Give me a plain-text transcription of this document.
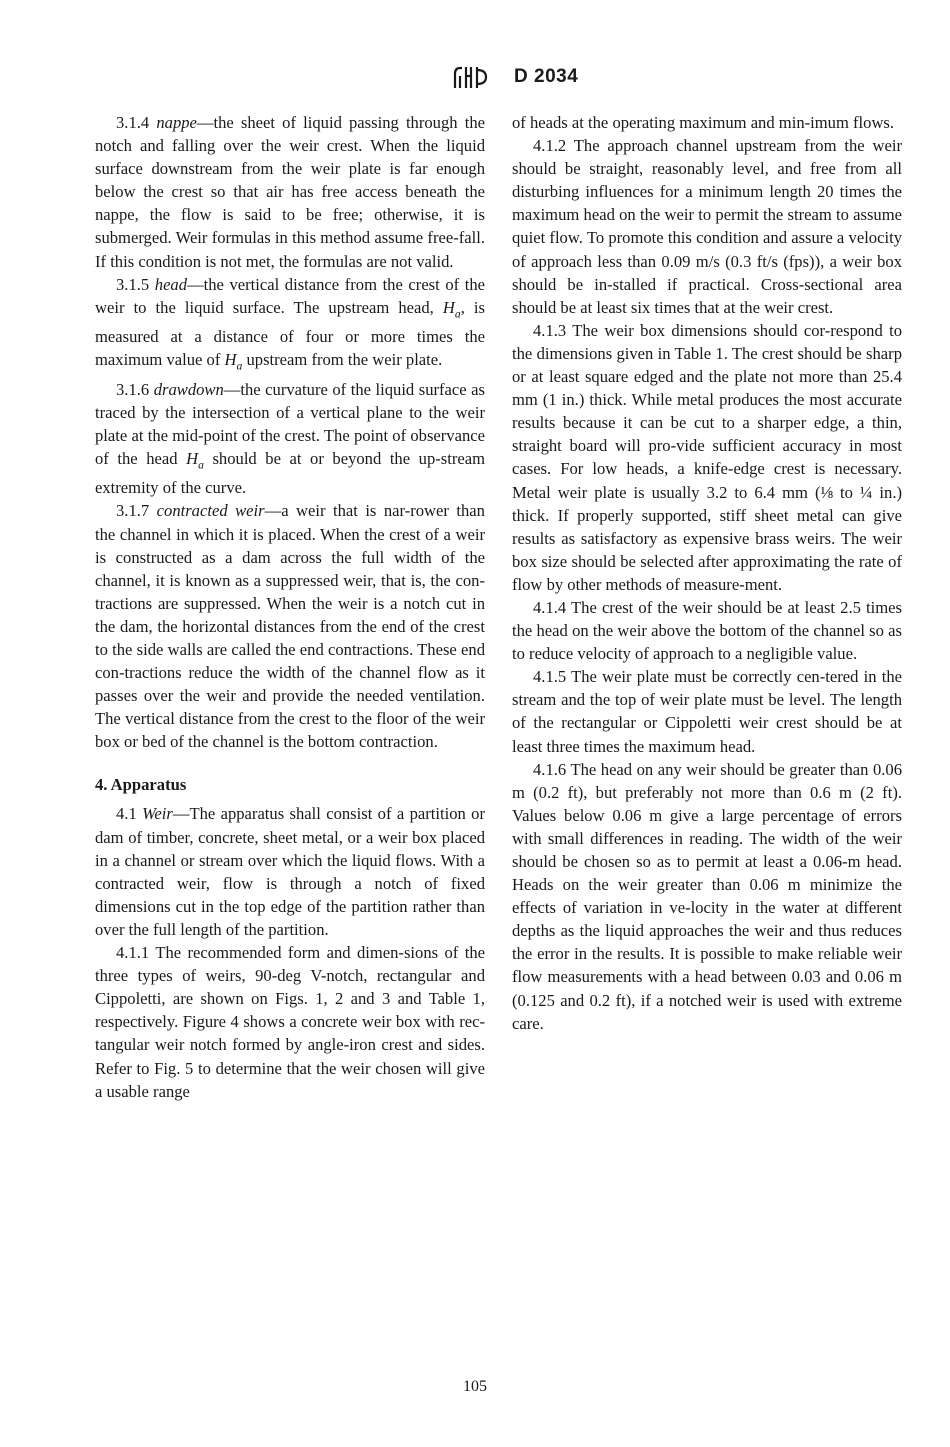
D 2034

3.1.4 nappe—the sheet of liquid passing through the notch and falling over the weir crest. When the liquid surface downstream from the weir plate is far enough below the crest so that air has free access beneath the nappe, the flow is said to be free; otherwise, it is submerged. Weir formulas in this method assume free-fall. If this condition is not met, the formulas are not valid.

3.1.5 head—the vertical distance from the crest of the weir to the liquid surface. The upstream head, $H_a$, is measured at a distance of four or more times the maximum value of $H_a$ upstream from the weir plate.

3.1.6 drawdown—the curvature of the liquid surface as traced by the intersection of a vertical plane to the weir plate at the mid-point of the crest. The point of observance of the head $H_a$ should be at or beyond the up-stream extremity of the curve.

3.1.7 contracted weir—a weir that is nar-rower than the channel in which it is placed. When the crest of a weir is constructed as a dam across the full width of the channel, it is known as a suppressed weir, that is, the con-tractions are suppressed. When the weir is a notch cut in the dam, the horizontal distances from the end of the crest to the side walls are called the end contractions. These end con-tractions reduce the width of the channel flow as it passes over the weir and provide the needed ventilation. The vertical distance from the crest to the floor of the weir box or bed of the channel is the bottom contraction.

4. Apparatus

4.1 Weir—The apparatus shall consist of a partition or dam of timber, concrete, sheet metal, or a weir box placed in a channel or stream over which the liquid flows. With a contracted weir, flow is through a notch of fixed dimensions cut in the top edge of the partition rather than over the full length of the partition.

4.1.1 The recommended form and dimen-sions of the three types of weirs, 90-deg V-notch, rectangular and Cippoletti, are shown on Figs. 1, 2 and 3 and Table 1, respectively. Figure 4 shows a concrete weir box with rec-tangular weir notch formed by angle-iron crest and sides. Refer to Fig. 5 to determine that the weir chosen will give a usable range

of heads at the operating maximum and min-imum flows.

4.1.2 The approach channel upstream from the weir should be straight, reasonably level, and free from all disturbing influences for a minimum length 20 times the maximum head on the weir to permit the stream to assume quiet flow. To promote this condition and assure a velocity of approach less than 0.09 m/s (0.3 ft/s (fps)), a weir box should be in-stalled if practical. Cross-sectional area should be at least six times that at the weir crest.

4.1.3 The weir box dimensions should cor-respond to the dimensions given in Table 1. The crest should be sharp or at least square edged and the plate not more than 25.4 mm (1 in.) thick. While metal produces the most accurate results because it can be cut to a sharper edge, a thin, straight board will pro-vide sufficient accuracy in most cases. For low heads, a knife-edge crest is necessary. Metal weir plate is usually 3.2 to 6.4 mm (⅛ to ¼ in.) thick. If properly supported, stiff sheet metal can give results as satisfactory as expensive brass weirs. The weir box size should be selected after approximating the rate of flow by other methods of measure-ment.

4.1.4 The crest of the weir should be at least 2.5 times the head on the weir above the bottom of the channel so as to reduce velocity of approach to a negligible value.

4.1.5 The weir plate must be correctly cen-tered in the stream and the top of weir plate must be level. The length of the rectangular or Cippoletti weir crest should be at least three times the maximum head.

4.1.6 The head on any weir should be greater than 0.06 m (0.2 ft), but preferably not more than 0.6 m (2 ft). Values below 0.06 m give a large percentage of errors with small differences in reading. The width of the weir should be chosen so as to permit at least a 0.06-m head. Heads on the weir greater than 0.06 m minimize the effects of variation in ve-locity in the water at different depths as the liquid approaches the weir and thus reduces the error in the results. It is possible to make reliable weir flow measurements with a head between 0.03 and 0.06 m (0.125 and 0.2 ft), if a notched weir is used with extreme care.

105
